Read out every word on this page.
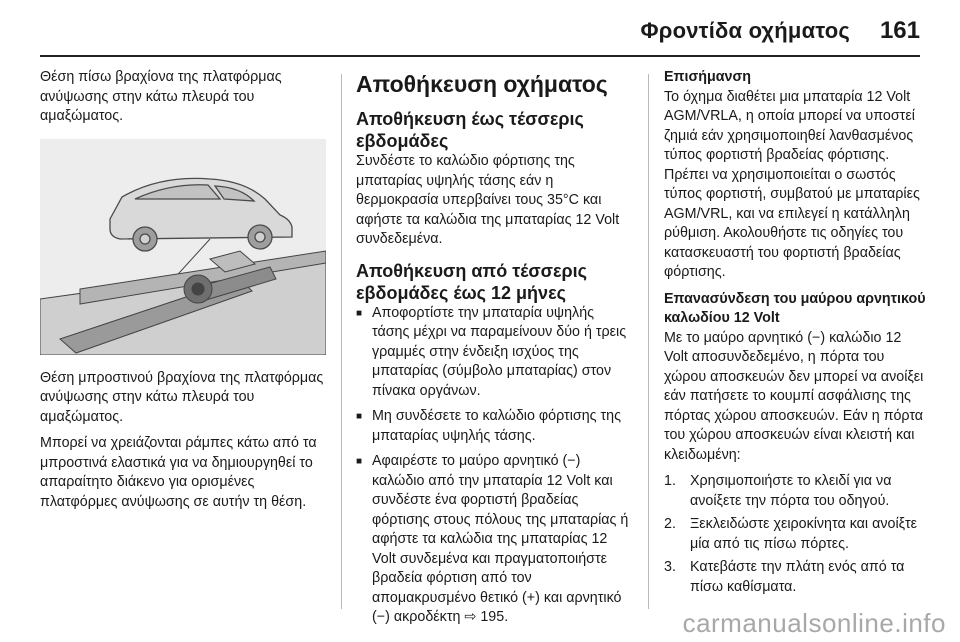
Φροντίδα οχήματος 161

Θέση πίσω βραχίονα της πλατφόρμας ανύψωσης στην κάτω πλευρά του αμαξώματος.

Θέση μπροστινού βραχίονα της πλατφόρμας ανύψωσης στην κάτω πλευρά του αμαξώματος.

Μπορεί να χρειάζονται ράμπες κάτω από τα μπροστινά ελαστικά για να δημιουργηθεί το απαραίτητο διάκενο για ορισμένες πλατφόρμες ανύψωσης σε αυτήν τη θέση.

Αποθήκευση οχήματος
Αποθήκευση έως τέσσερις εβδομάδες

Συνδέστε το καλώδιο φόρτισης της μπαταρίας υψηλής τάσης εάν η θερμοκρασία υπερβαίνει τους 35°C και αφήστε τα καλώδια της μπαταρίας 12 Volt συνδεδεμένα.

Αποθήκευση από τέσσερις εβδομάδες έως 12 μήνες
■ Αποφορτίστε την μπαταρία υψηλής τάσης μέχρι να παραμείνουν δύο ή τρεις γραμμές στην ένδειξη ισχύος της μπαταρίας (σύμβολο μπαταρίας) στον πίνακα οργάνων.
■ Μη συνδέσετε το καλώδιο φόρτισης της μπαταρίας υψηλής τάσης.
■ Αφαιρέστε το μαύρο αρνητικό (−) καλώδιο από την μπαταρία 12 Volt και συνδέστε ένα φορτιστή βραδείας φόρτισης στους πόλους της μπαταρίας ή αφήστε τα καλώδια της μπαταρίας 12 Volt συνδεμένα και πραγματοποιήστε βραδεία φόρτιση από τον απομακρυσμένο θετικό (+) και αρνητικό (−) ακροδέκτη ⇨ 195.
Επισήμανση

Το όχημα διαθέτει μια μπαταρία 12 Volt AGM/VRLA, η οποία μπορεί να υποστεί ζημιά εάν χρησιμοποιηθεί λανθασμένος τύπος φορτιστή βραδείας φόρτισης. Πρέπει να χρησιμοποιείται ο σωστός τύπος φορτιστή, συμβατού με μπαταρίες AGM/VRL, και να επιλεγεί η κατάλληλη ρύθμιση. Ακολουθήστε τις οδηγίες του κατασκευαστή του φορτιστή βραδείας φόρτισης.

Επανασύνδεση του μαύρου αρνητικού καλωδίου 12 Volt

Με το μαύρο αρνητικό (−) καλώδιο 12 Volt αποσυνδεδεμένο, η πόρτα του χώρου αποσκευών δεν μπορεί να ανοίξει εάν πατήσετε το κουμπί ασφάλισης της πόρτας χώρου αποσκευών. Εάν η πόρτα του χώρου αποσκευών είναι κλειστή και κλειδωμένη:

1. Χρησιμοποιήστε το κλειδί για να ανοίξετε την πόρτα του οδηγού.
2. Ξεκλειδώστε χειροκίνητα και ανοίξτε μία από τις πίσω πόρτες.
3. Κατεβάστε την πλάτη ενός από τα πίσω καθίσματα.
carmanualsonline.info
